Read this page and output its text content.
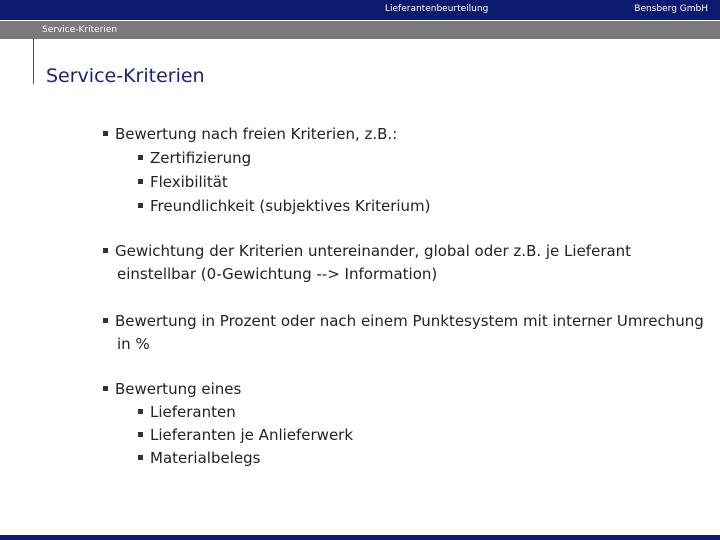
Lieferantenbeurteilung	Bensberg GmbH
Service-Kriterien
Service-Kriterien
Bewertung nach freien Kriterien, z.B.:
Zertifizierung
Flexibilität
Freundlichkeit (subjektives Kriterium)
Gewichtung der Kriterien untereinander, global oder z.B. je Lieferant
einstellbar (0-Gewichtung --> Information)
Bewertung in Prozent oder nach einem Punktesystem mit interner Umrechung
in %
Bewertung eines
Lieferanten
Lieferanten je Anlieferwerk
Materialbelegs
